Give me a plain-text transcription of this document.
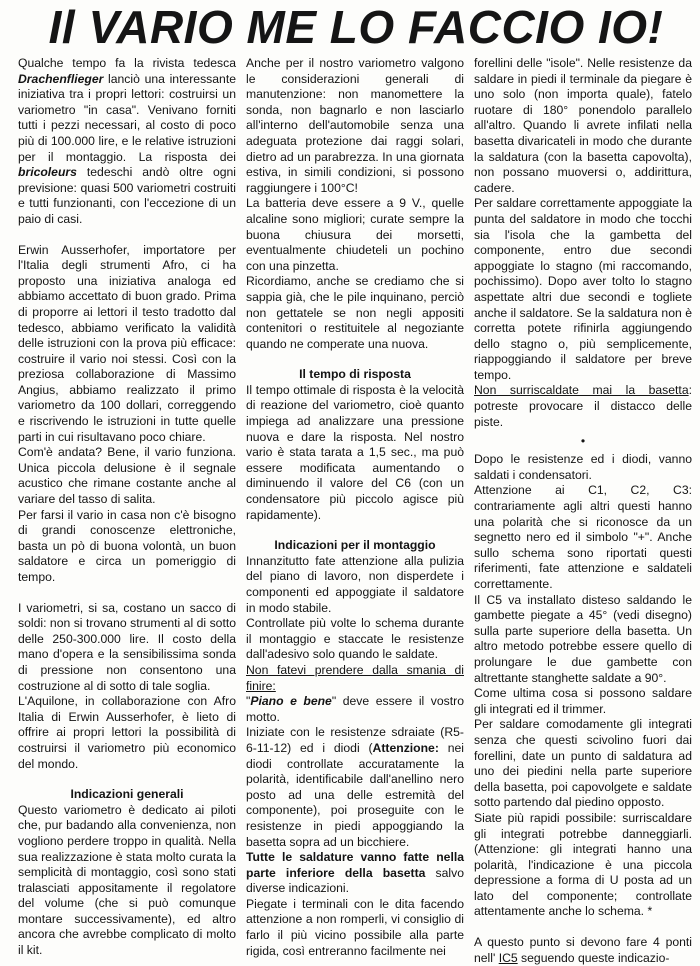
Il VARIO ME LO FACCIO IO!

Qualche tempo fa la rivista tedesca Drachenflieger lanciò una interessante iniziativa tra i propri lettori: costruirsi un variometro "in casa". Venivano forniti tutti i pezzi necessari, al costo di poco più di 100.000 lire, e le relative istruzioni per il montaggio. La risposta dei bricoleurs tedeschi andò oltre ogni previsione: quasi 500 variometri costruiti e tutti funzionanti, con l'eccezione di un paio di casi.

Erwin Ausserhofer, importatore per l'Italia degli strumenti Afro, ci ha proposto una iniziativa analoga ed abbiamo accettato di buon grado. Prima di proporre ai lettori il testo tradotto dal tedesco, abbiamo verificato la validità delle istruzioni con la prova più efficace: costruire il vario noi stessi. Così con la preziosa collaborazione di Massimo Angius, abbiamo realizzato il primo variometro da 100 dollari, correggendo e riscrivendo le istruzioni in tutte quelle parti in cui risultavano poco chiare.

Com'è andata? Bene, il vario funziona. Unica piccola delusione è il segnale acustico che rimane costante anche al variare del tasso di salita.

Per farsi il vario in casa non c'è bisogno di grandi conoscenze elettroniche, basta un pò di buona volontà, un buon saldatore e circa un pomeriggio di tempo.

I variometri, si sa, costano un sacco di soldi: non si trovano strumenti al di sotto delle 250-300.000 lire. Il costo della mano d'opera e la sensibilissima sonda di pressione non consentono una costruzione al di sotto di tale soglia.

L'Aquilone, in collaborazione con Afro Italia di Erwin Ausserhofer, è lieto di offrire ai propri lettori la possibilità di costruirsi il variometro più economico del mondo.

Indicazioni generali

Questo variometro è dedicato ai piloti che, pur badando alla convenienza, non vogliono perdere troppo in qualità. Nella sua realizzazione è stata molto curata la semplicità di montaggio, così sono stati tralasciati appositamente il regolatore del volume (che si può comunque montare successivamente), ed altro ancora che avrebbe complicato di molto il kit.

Anche per il nostro variometro valgono le considerazioni generali di manutenzione: non manomettere la sonda, non bagnarlo e non lasciarlo all'interno dell'automobile senza una adeguata protezione dai raggi solari, dietro ad un parabrezza. In una giornata estiva, in simili condizioni, si possono raggiungere i 100°C!

La batteria deve essere a 9 V., quelle alcaline sono migliori; curate sempre la buona chiusura dei morsetti, eventualmente chiudeteli un pochino con una pinzetta.

Ricordiamo, anche se crediamo che si sappia già, che le pile inquinano, perciò non gettatele se non negli appositi contenitori o restituitele al negoziante quando ne comperate una nuova.

Il tempo di risposta

Il tempo ottimale di risposta è la velocità di reazione del variometro, cioè quanto impiega ad analizzare una pressione nuova e dare la risposta. Nel nostro vario è stata tarata a 1,5 sec., ma può essere modificata aumentando o diminuendo il valore del C6 (con un condensatore più piccolo agisce più rapidamente).

Indicazioni per il montaggio

Innanzitutto fate attenzione alla pulizia del piano di lavoro, non disperdete i componenti ed appoggiate il saldatore in modo stabile.

Controllate più volte lo schema durante il montaggio e staccate le resistenze dall'adesivo solo quando le saldate.

Non fatevi prendere dalla smania di finire:

"Piano e bene" deve essere il vostro motto.

Iniziate con le resistenze sdraiate (R5-6-11-12) ed i diodi (Attenzione: nei diodi controllate accuratamente la polarità, identificabile dall'anellino nero posto ad una delle estremità del componente), poi proseguite con le resistenze in piedi appoggiando la basetta sopra ad un bicchiere.

Tutte le saldature vanno fatte nella parte inferiore della basetta salvo diverse indicazioni.

Piegate i terminali con le dita facendo attenzione a non romperli, vi consiglio di farlo il più vicino possibile alla parte rigida, così entreranno facilmente nei

forellini delle "isole". Nelle resistenze da saldare in piedi il terminale da piegare è uno solo (non importa quale), fatelo ruotare di 180° ponendolo parallelo all'altro. Quando li avrete infilati nella basetta divaricateli in modo che durante la saldatura (con la basetta capovolta), non possano muoversi o, addirittura, cadere.

Per saldare correttamente appoggiate la punta del saldatore in modo che tocchi sia l'isola che la gambetta del componente, entro due secondi appoggiate lo stagno (mi raccomando, pochissimo). Dopo aver tolto lo stagno aspettate altri due secondi e togliete anche il saldatore. Se la saldatura non è corretta potete rifinirla aggiungendo dello stagno o, più semplicemente, riappoggiando il saldatore per breve tempo.

Non surriscaldate mai la basetta: potreste provocare il distacco delle piste.

•

Dopo le resistenze ed i diodi, vanno saldati i condensatori.

Attenzione ai C1, C2, C3: contrariamente agli altri questi hanno una polarità che si riconosce da un segnetto nero ed il simbolo "+". Anche sullo schema sono riportati questi riferimenti, fate attenzione e saldateli correttamente.

Il C5 va installato disteso saldando le gambette piegate a 45° (vedi disegno) sulla parte superiore della basetta. Un altro metodo potrebbe essere quello di prolungare le due gambette con altrettante stanghette saldate a 90°.

Come ultima cosa si possono saldare gli integrati ed il trimmer.

Per saldare comodamente gli integrati senza che questi scivolino fuori dai forellini, date un punto di saldatura ad uno dei piedini nella parte superiore della basetta, poi capovolgete e saldate sotto partendo dal piedino opposto.

Siate più rapidi possibile: surriscaldare gli integrati potrebbe danneggiarli. (Attenzione: gli integrati hanno una polarità, l'indicazione è una piccola depressione a forma di U posta ad un lato del componente; controllate attentamente anche lo schema. *

A questo punto si devono fare 4 ponti nell' IC5 seguendo queste indicazio-
